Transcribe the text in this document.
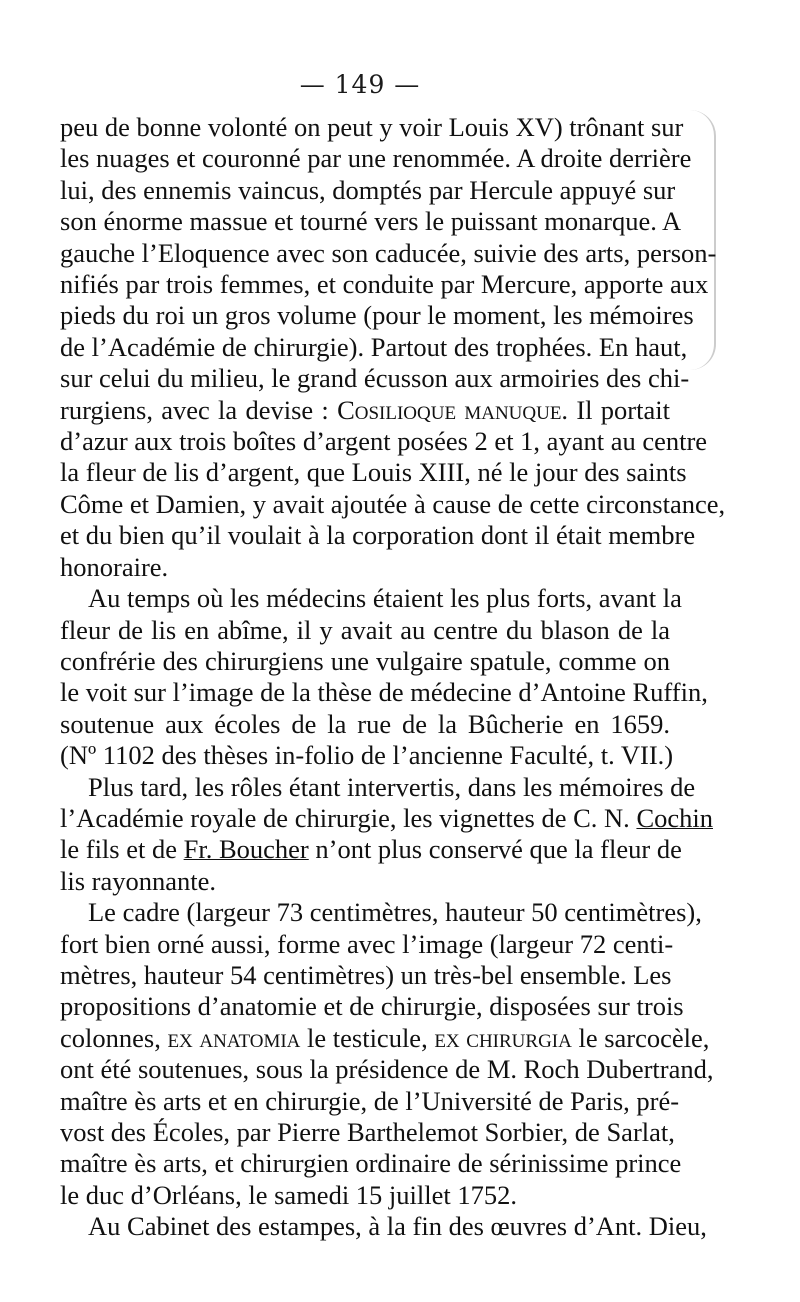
— 149 —
peu de bonne volonté on peut y voir Louis XV) trônant sur
les nuages et couronné par une renommée. A droite derrière
lui, des ennemis vaincus, domptés par Hercule appuyé sur
son énorme massue et tourné vers le puissant monarque. A
gauche l’Eloquence avec son caducée, suivie des arts, person-
nifiés par trois femmes, et conduite par Mercure, apporte aux
pieds du roi un gros volume (pour le moment, les mémoires
de l’Académie de chirurgie). Partout des trophées. En haut,
sur celui du milieu, le grand écusson aux armoiries des chi-
rurgiens, avec la devise : Cosilioque manuque. Il portait
d’azur aux trois boîtes d’argent posées 2 et 1, ayant au centre
la fleur de lis d’argent, que Louis XIII, né le jour des saints
Côme et Damien, y avait ajoutée à cause de cette circonstance,
et du bien qu’il voulait à la corporation dont il était membre
honoraire.
Au temps où les médecins étaient les plus forts, avant la
fleur de lis en abîme, il y avait au centre du blason de la
confrérie des chirurgiens une vulgaire spatule, comme on
le voit sur l’image de la thèse de médecine d’Antoine Ruffin,
soutenue aux écoles de la rue de la Bûcherie en 1659.
(Nº 1102 des thèses in-folio de l’ancienne Faculté, t. VII.)
Plus tard, les rôles étant intervertis, dans les mémoires de
l’Académie royale de chirurgie, les vignettes de C. N. Cochin
le fils et de Fr. Boucher n’ont plus conservé que la fleur de
lis rayonnante.
Le cadre (largeur 73 centimètres, hauteur 50 centimètres),
fort bien orné aussi, forme avec l’image (largeur 72 centi-
mètres, hauteur 54 centimètres) un très-bel ensemble. Les
propositions d’anatomie et de chirurgie, disposées sur trois
colonnes, ex anatomia le testicule, ex chirurgia le sarcocèle,
ont été soutenues, sous la présidence de M. Roch Dubertrand,
maître ès arts et en chirurgie, de l’Université de Paris, pré-
vost des Écoles, par Pierre Barthelemot Sorbier, de Sarlat,
maître ès arts, et chirurgien ordinaire de sérinissime prince
le duc d’Orléans, le samedi 15 juillet 1752.
Au Cabinet des estampes, à la fin des œuvres d’Ant. Dieu,
